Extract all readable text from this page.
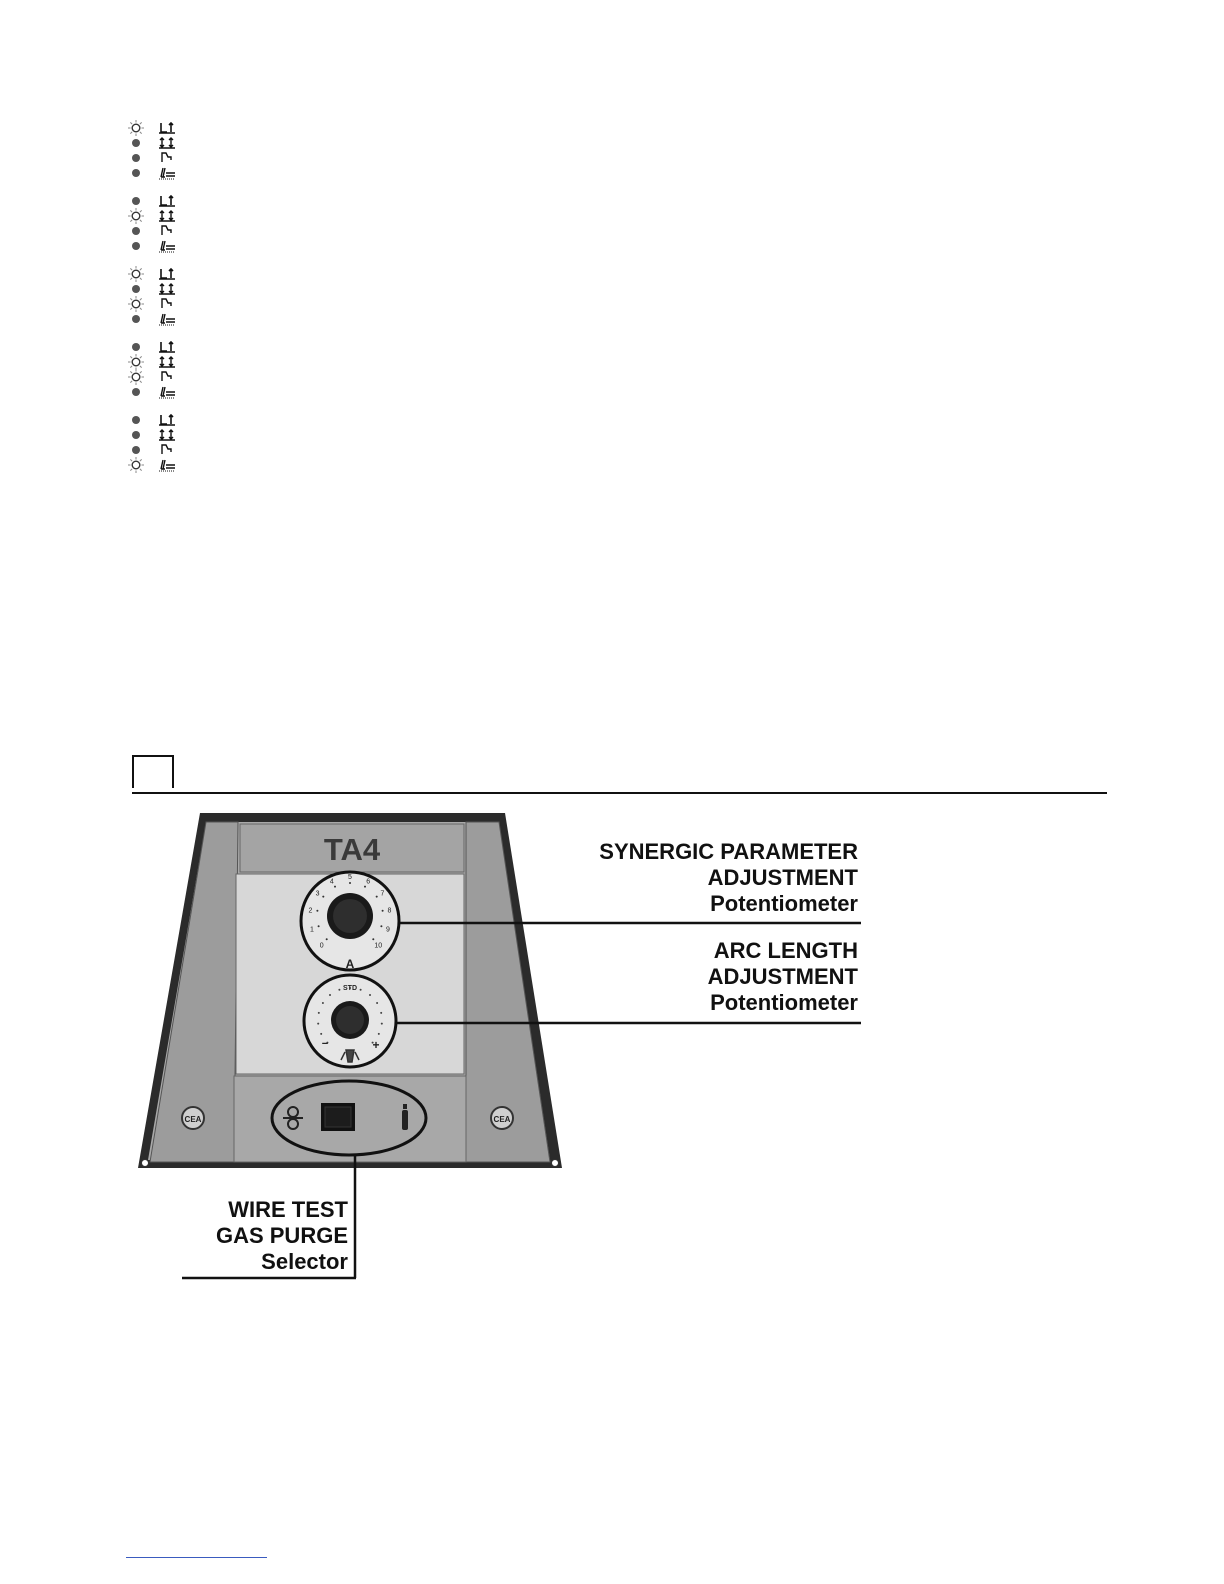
TA4
0
1
2
3
4
5
6
7
8
9
10
A
STD
−	+
CEA	CEA
SYNERGIC PARAMETER
ADJUSTMENT
Potentiometer
ARC LENGTH
ADJUSTMENT
Potentiometer
WIRE TEST
GAS PURGE
Selector
